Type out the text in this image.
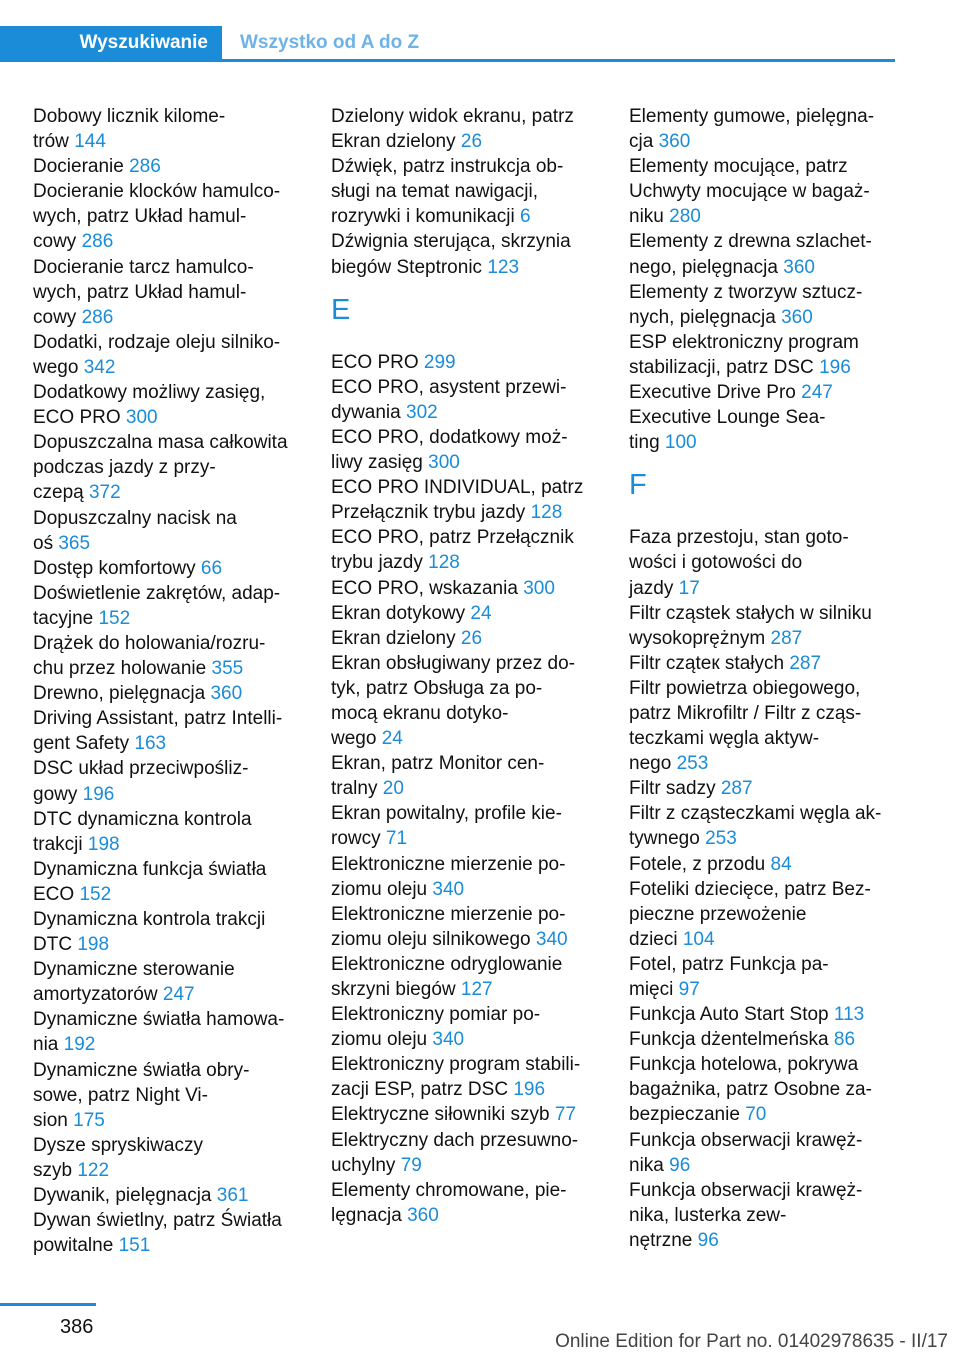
Wyszukiwanie Wszystko od A do Z
Dobowy licznik kilome-
trów 144
Docieranie 286
Docieranie klocków hamulco-
wych, patrz Układ hamul-
cowy 286
Docieranie tarcz hamulco-
wych, patrz Układ hamul-
cowy 286
Dodatki, rodzaje oleju silniko-
wego 342
Dodatkowy możliwy zasięg,
ECO PRO 300
Dopuszczalna masa całkowita
podczas jazdy z przy-
czepą 372
Dopuszczalny nacisk na
oś 365
Dostęp komfortowy 66
Doświetlenie zakrętów, adap-
tacyjne 152
Drążek do holowania/rozru-
chu przez holowanie 355
Drewno, pielęgnacja 360
Driving Assistant, patrz Intelli-
gent Safety 163
DSC układ przeciwpośliz-
gowy 196
DTC dynamiczna kontrola
trakcji 198
Dynamiczna funkcja światła
ECO 152
Dynamiczna kontrola trakcji
DTC 198
Dynamiczne sterowanie
amortyzatorów 247
Dynamiczne światła hamowa-
nia 192
Dynamiczne światła obry-
sowe, patrz Night Vi-
sion 175
Dysze spryskiwaczy
szyb 122
Dywanik, pielęgnacja 361
Dywan świetlny, patrz Światła
powitalne 151
Dzielony widok ekranu, patrz
Ekran dzielony 26
Dźwięk, patrz instrukcja ob-
sługi na temat nawigacji,
rozrywki i komunikacji 6
Dźwignia sterująca, skrzynia
biegów Steptronic 123
E
ECO PRO 299
ECO PRO, asystent przewi-
dywania 302
ECO PRO, dodatkowy moż-
liwy zasięg 300
ECO PRO INDIVIDUAL, patrz
Przełącznik trybu jazdy 128
ECO PRO, patrz Przełącznik
trybu jazdy 128
ECO PRO, wskazania 300
Ekran dotykowy 24
Ekran dzielony 26
Ekran obsługiwany przez do-
tyk, patrz Obsługa za po-
mocą ekranu dotyko-
wego 24
Ekran, patrz Monitor cen-
tralny 20
Ekran powitalny, profile kie-
rowcy 71
Elektroniczne mierzenie po-
ziomu oleju 340
Elektroniczne mierzenie po-
ziomu oleju silnikowego 340
Elektroniczne odryglowanie
skrzyni biegów 127
Elektroniczny pomiar po-
ziomu oleju 340
Elektroniczny program stabili-
zacji ESP, patrz DSC 196
Elektryczne siłowniki szyb 77
Elektryczny dach przesuwno-
uchylny 79
Elementy chromowane, pie-
lęgnacja 360
Elementy gumowe, pielęgna-
cja 360
Elementy mocujące, patrz
Uchwyty mocujące w bagaż-
niku 280
Elementy z drewna szlachet-
nego, pielęgnacja 360
Elementy z tworzyw sztucz-
nych, pielęgnacja 360
ESP elektroniczny program
stabilizacji, patrz DSC 196
Executive Drive Pro 247
Executive Lounge Sea-
ting 100
F
Faza przestoju, stan goto-
wości i gotowości do
jazdy 17
Filtr cząstek stałych w silniku
wysokoprężnym 287
Filtr cząteк stałych 287
Filtr powietrza obiegowego,
patrz Mikrofiltr / Filtr z cząs-
teczkami węgla aktyw-
nego 253
Filtr sadzy 287
Filtr z cząsteczkami węgla ak-
tywnego 253
Fotele, z przodu 84
Foteliki dziecięce, patrz Bez-
pieczne przewożenie
dzieci 104
Fotel, patrz Funkcja pa-
mięci 97
Funkcja Auto Start Stop 113
Funkcja dżentelmeńska 86
Funkcja hotelowa, pokrywa
bagażnika, patrz Osobne za-
bezpieczanie 70
Funkcja obserwacji krawęż-
nika 96
Funkcja obserwacji krawęż-
nika, lusterka zew-
nętrzne 96
386
Online Edition for Part no. 01402978635 - II/17
